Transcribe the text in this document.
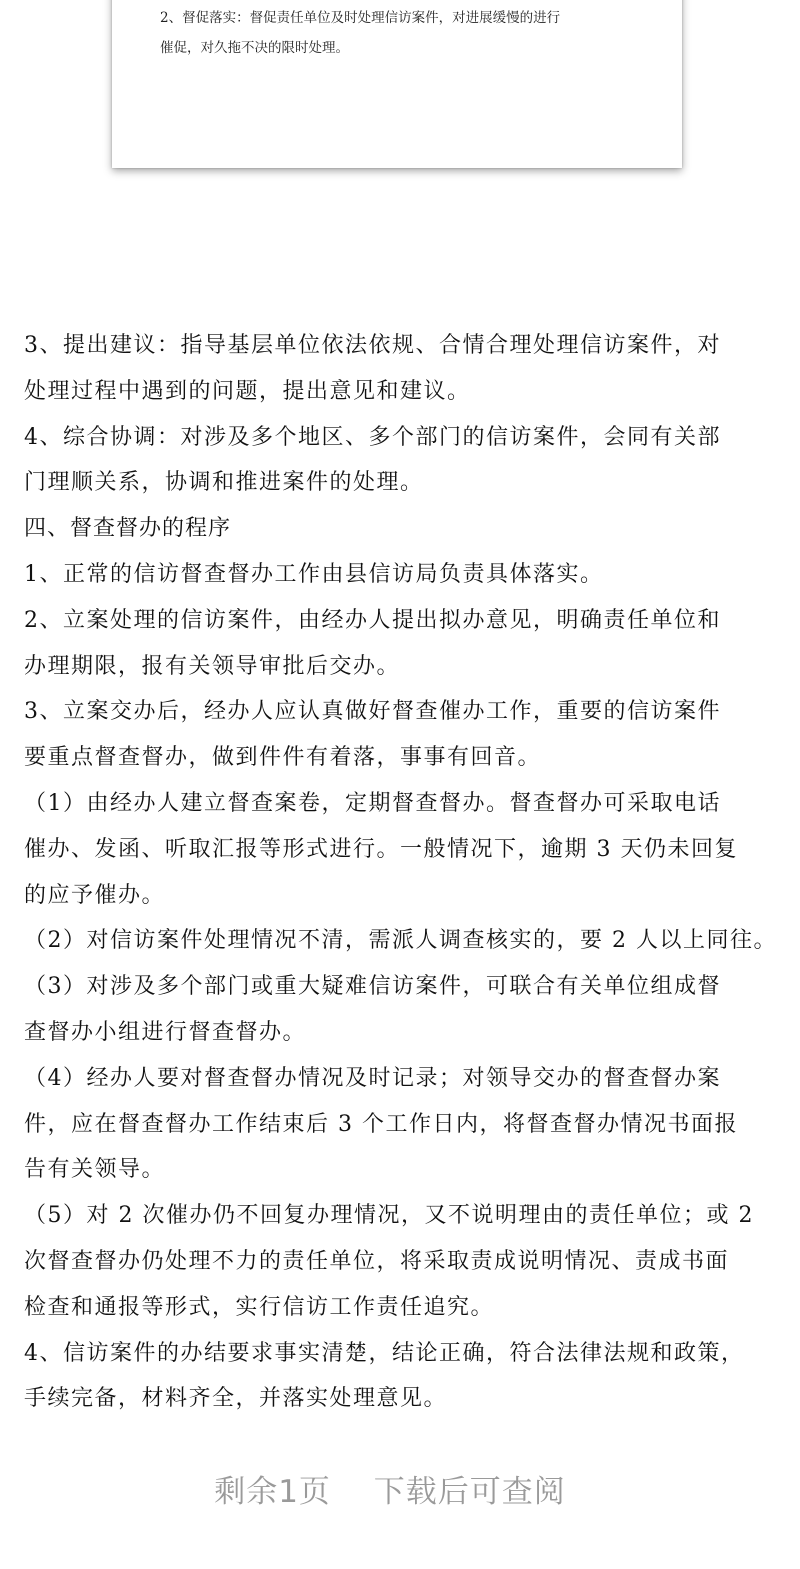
2、督促落实：督促责任单位及时处理信访案件，对进展缓慢的进行
催促，对久拖不决的限时处理。
3、提出建议：指导基层单位依法依规、合情合理处理信访案件，对
处理过程中遇到的问题，提出意见和建议。
4、综合协调：对涉及多个地区、多个部门的信访案件，会同有关部
门理顺关系，协调和推进案件的处理。
四、督查督办的程序
1、正常的信访督查督办工作由县信访局负责具体落实。
2、立案处理的信访案件，由经办人提出拟办意见，明确责任单位和
办理期限，报有关领导审批后交办。
3、立案交办后，经办人应认真做好督查催办工作，重要的信访案件
要重点督查督办，做到件件有着落，事事有回音。
（1）由经办人建立督查案卷，定期督查督办。督查督办可采取电话
催办、发函、听取汇报等形式进行。一般情况下，逾期 3 天仍未回复
的应予催办。
（2）对信访案件处理情况不清，需派人调查核实的，要 2 人以上同往。
（3）对涉及多个部门或重大疑难信访案件，可联合有关单位组成督
查督办小组进行督查督办。
（4）经办人要对督查督办情况及时记录；对领导交办的督查督办案
件，应在督查督办工作结束后 3 个工作日内，将督查督办情况书面报
告有关领导。
（5）对 2 次催办仍不回复办理情况，又不说明理由的责任单位；或 2
次督查督办仍处理不力的责任单位，将采取责成说明情况、责成书面
检查和通报等形式，实行信访工作责任追究。
4、信访案件的办结要求事实清楚，结论正确，符合法律法规和政策，
手续完备，材料齐全，并落实处理意见。
剩余1页 下载后可查阅
